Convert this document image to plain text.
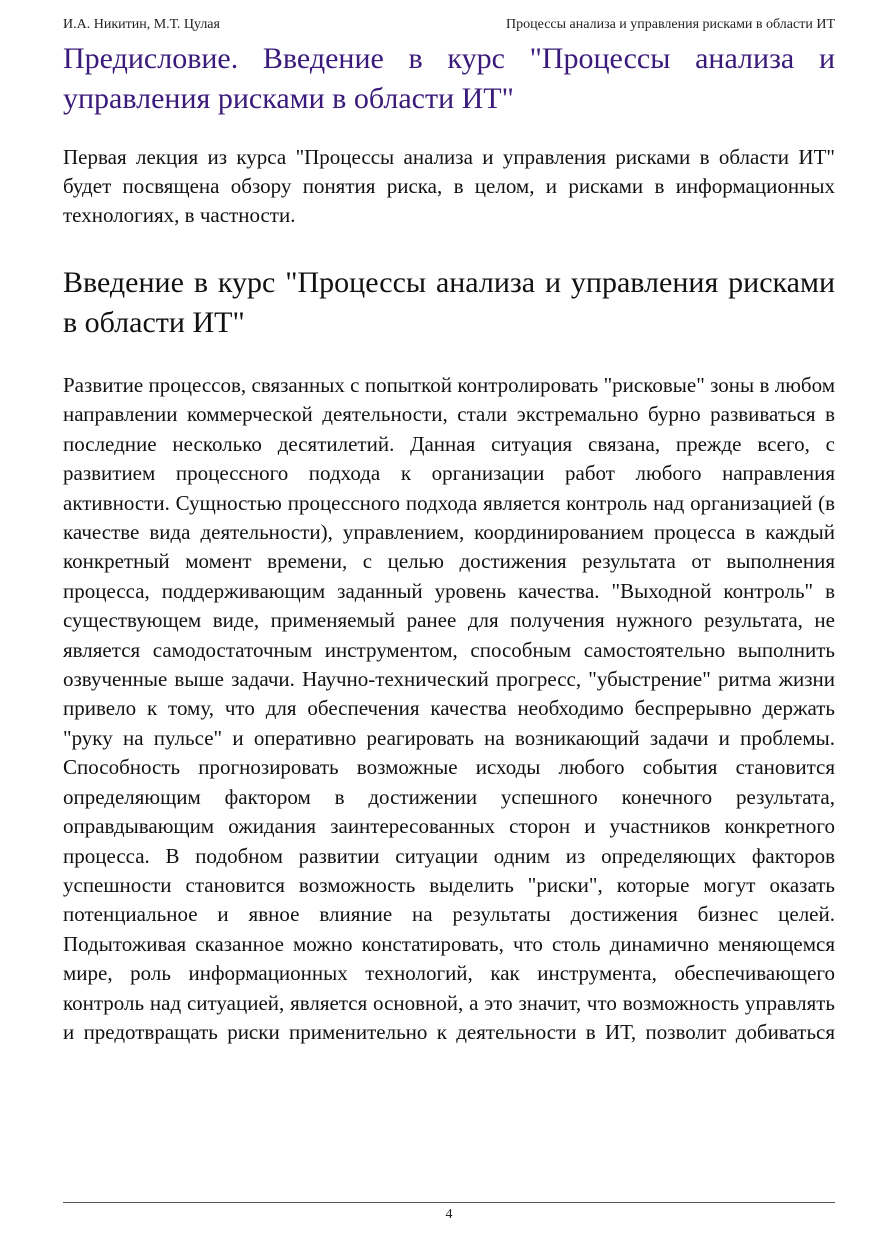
И.А. Никитин, М.Т. Цулая	Процессы анализа и управления рисками в области ИТ
Предисловие. Введение в курс "Процессы анализа и управления рисками в области ИТ"

Первая лекция из курса "Процессы анализа и управления рисками в области ИТ" будет посвящена обзору понятия риска, в целом, и рисками в информационных технологиях, в частности.

Введение в курс "Процессы анализа и управления рисками в области ИТ"

Развитие процессов, связанных с попыткой контролировать "рисковые" зоны в любом направлении коммерческой деятельности, стали экстремально бурно развиваться в последние несколько десятилетий. Данная ситуация связана, прежде всего, с развитием процессного подхода к организации работ любого направления активности. Сущностью процессного подхода является контроль над организацией (в качестве вида деятельности), управлением, координированием процесса в каждый конкретный момент времени, с целью достижения результата от выполнения процесса, поддерживающим заданный уровень качества. "Выходной контроль" в существующем виде, применяемый ранее для получения нужного результата, не является самодостаточным инструментом, способным самостоятельно выполнить озвученные выше задачи. Научно-технический прогресс, "убыстрение" ритма жизни привело к тому, что для обеспечения качества необходимо беспрерывно держать "руку на пульсе" и оперативно реагировать на возникающий задачи и проблемы. Способность прогнозировать возможные исходы любого события становится определяющим фактором в достижении успешного конечного результата, оправдывающим ожидания заинтересованных сторон и участников конкретного процесса. В подобном развитии ситуации одним из определяющих факторов успешности становится возможность выделить "риски", которые могут оказать потенциальное и явное влияние на результаты достижения бизнес целей. Подытоживая сказанное можно констатировать, что столь динамично меняющемся мире, роль информационных технологий, как инструмента, обеспечивающего контроль над ситуацией, является основной, а это значит, что возможность управлять и предотвращать риски применительно к деятельности в ИТ, позволит добиваться

4
